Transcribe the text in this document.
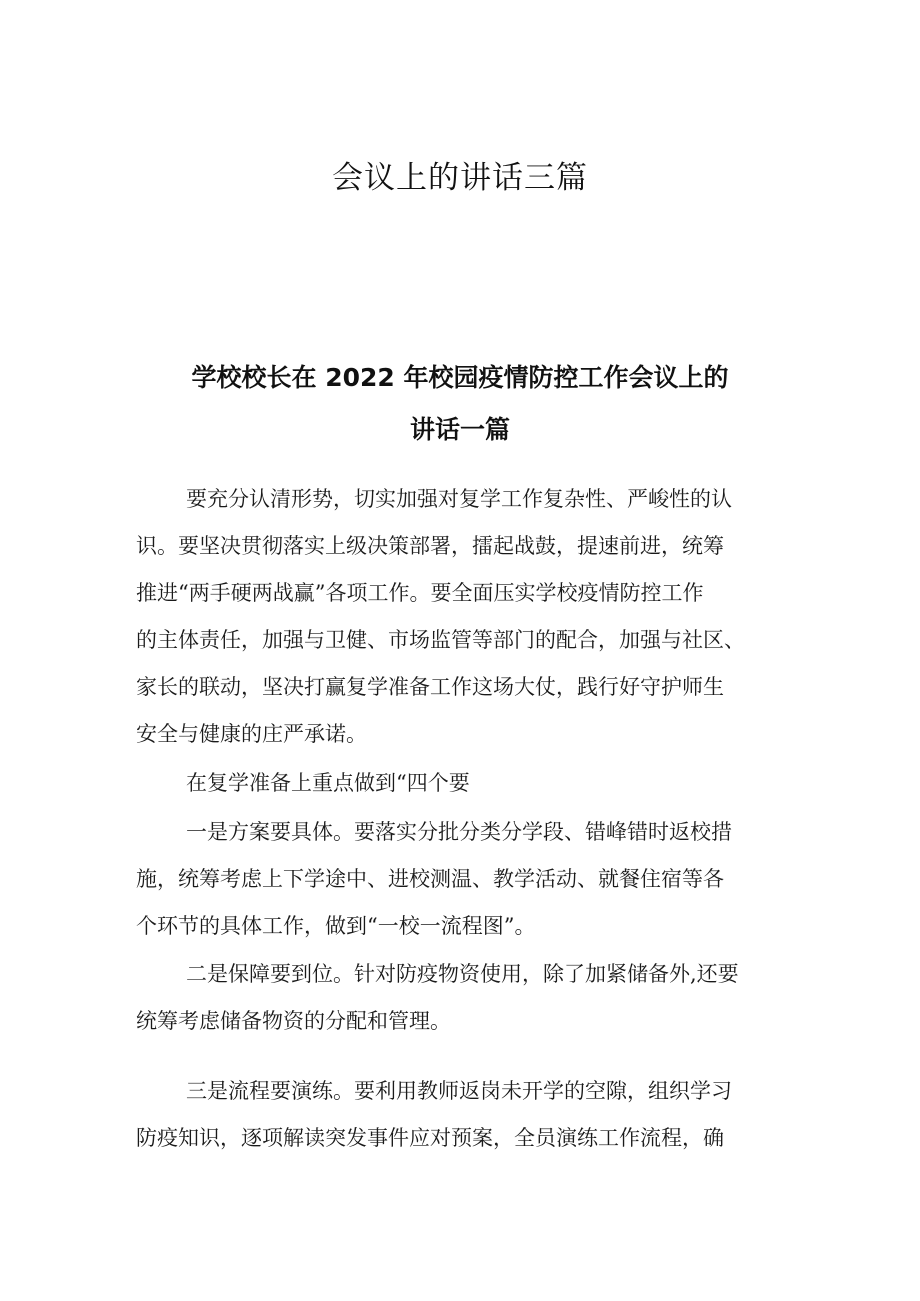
会议上的讲话三篇
学校校长在 2022 年校园疫情防控工作会议上的
讲话一篇
要充分认清形势，切实加强对复学工作复杂性、严峻性的认
识。要坚决贯彻落实上级决策部署，擂起战鼓，提速前进，统筹
推进“两手硬两战赢”各项工作。要全面压实学校疫情防控工作
的主体责任，加强与卫健、市场监管等部门的配合，加强与社区、
家长的联动，坚决打赢复学准备工作这场大仗，践行好守护师生
安全与健康的庄严承诺。
在复学准备上重点做到“四个要
一是方案要具体。要落实分批分类分学段、错峰错时返校措
施，统筹考虑上下学途中、进校测温、教学活动、就餐住宿等各
个环节的具体工作，做到“一校一流程图”。
二是保障要到位。针对防疫物资使用，除了加紧储备外,还要
统筹考虑储备物资的分配和管理。
三是流程要演练。要利用教师返岗未开学的空隙，组织学习
防疫知识，逐项解读突发事件应对预案，全员演练工作流程，确
